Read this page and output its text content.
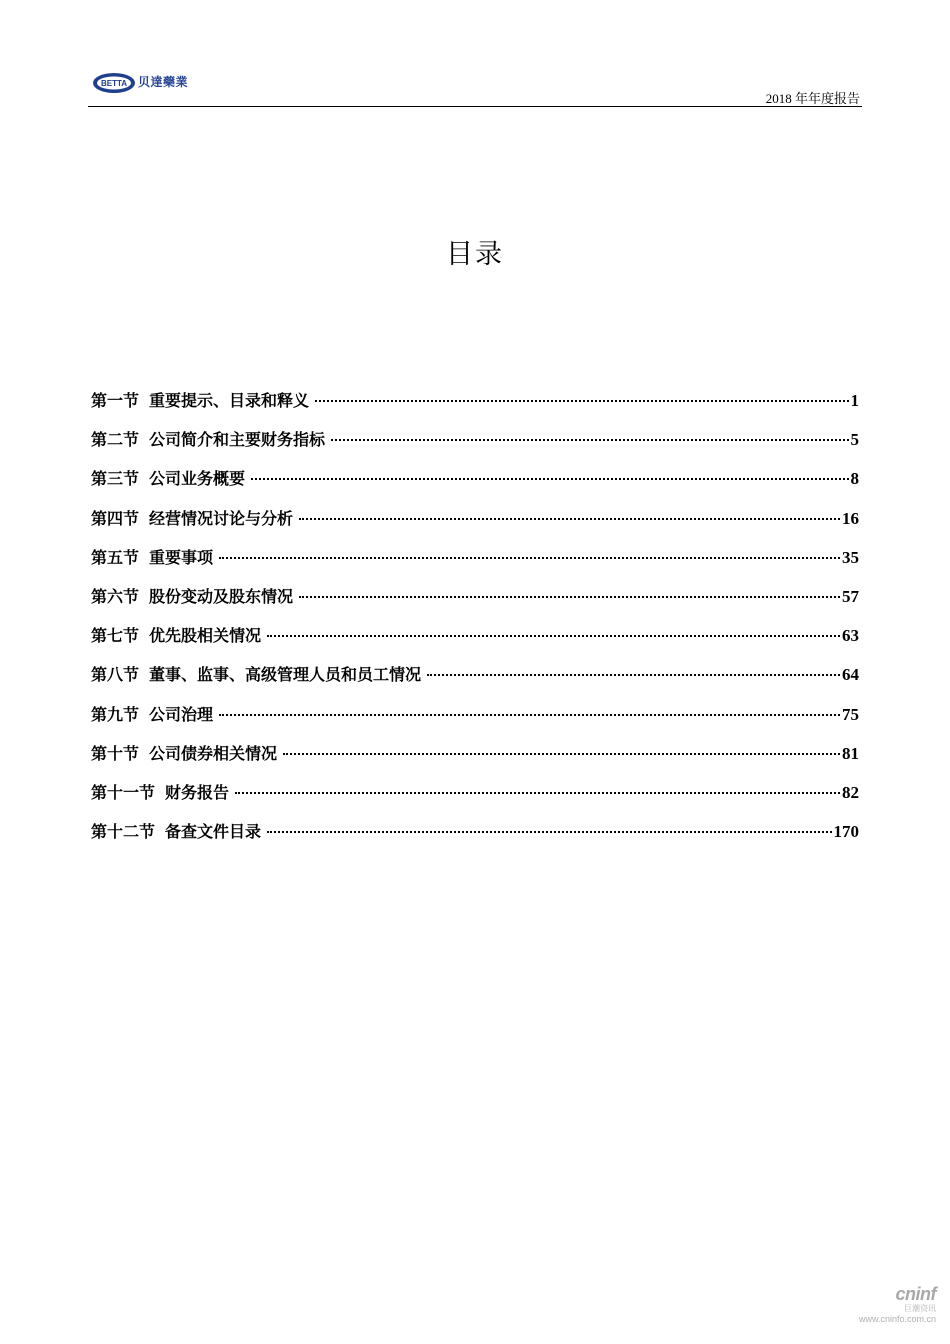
BETTA 贝達藥業
2018 年年度报告
目录
第一节 重要提示、目录和释义	1
第二节 公司简介和主要财务指标	5
第三节 公司业务概要	8
第四节 经营情况讨论与分析	16
第五节 重要事项	35
第六节 股份变动及股东情况	57
第七节 优先股相关情况	63
第八节 董事、监事、高级管理人员和员工情况	64
第九节 公司治理	75
第十节 公司债券相关情况	81
第十一节 财务报告	82
第十二节 备查文件目录	170
cninf
巨潮资讯
www.cninfo.com.cn
